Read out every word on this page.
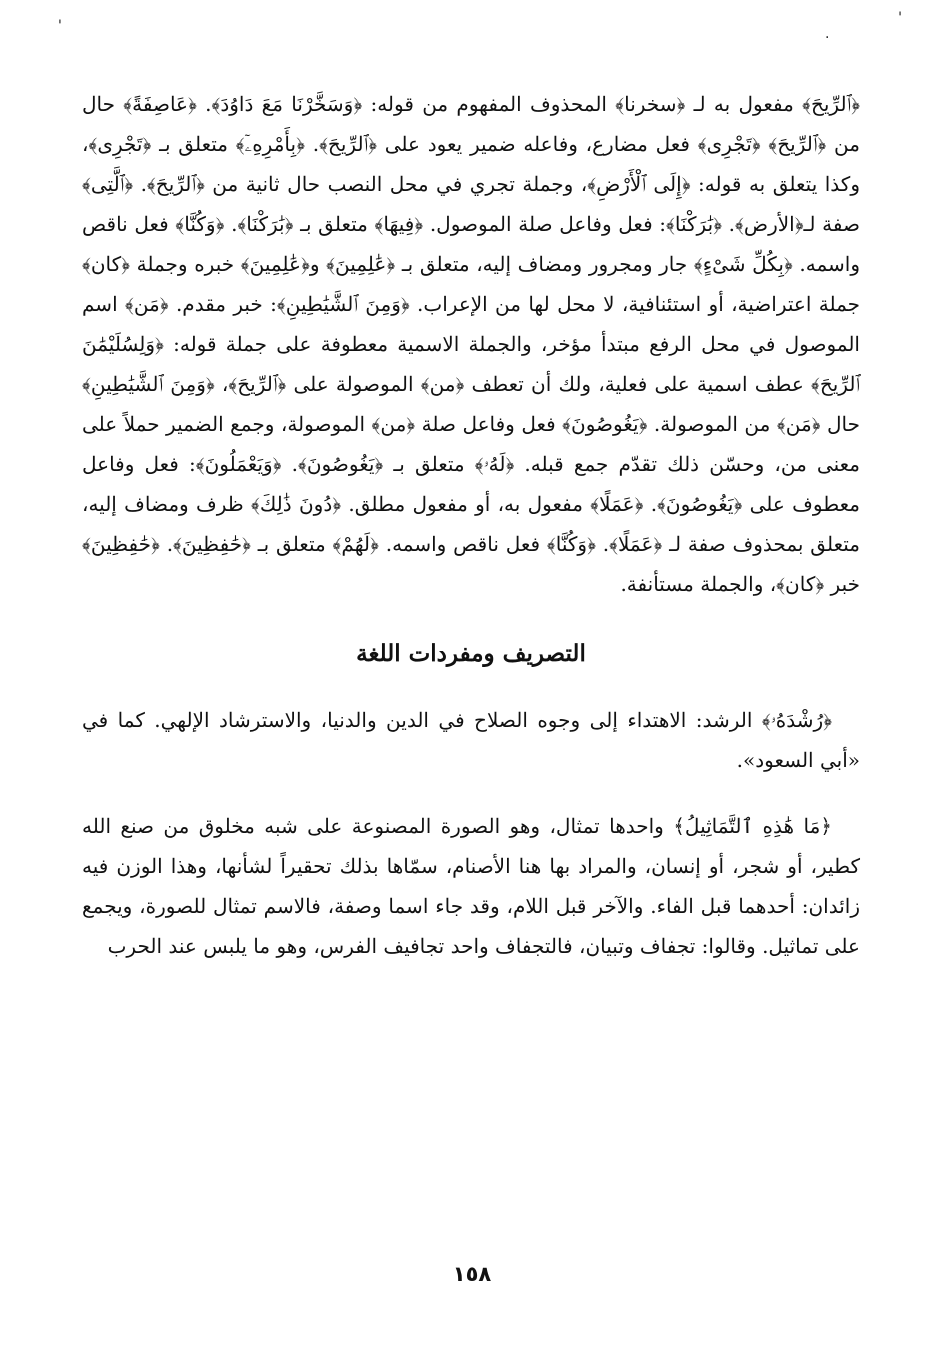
'	'
.

﴿ٱلرِّيحَ﴾ مفعول به لـ ﴿سخرنا﴾ المحذوف المفهوم من قوله: ﴿وَسَخَّرْنَا مَعَ دَاوُدَ﴾. ﴿عَاصِفَةً﴾ حال من ﴿ٱلرِّيحَ﴾ ﴿تَجْرِى﴾ فعل مضارع، وفاعله ضمير يعود على ﴿ٱلرِّيحَ﴾. ﴿بِأَمْرِهِۦٓ﴾ متعلق بـ ﴿تَجْرِى﴾، وكذا يتعلق به قوله: ﴿إِلَى ٱلْأَرْضِ﴾، وجملة تجري في محل النصب حال ثانية من ﴿ٱلرِّيحَ﴾. ﴿ٱلَّتِى﴾ صفة لـ﴿الأرض﴾. ﴿بَٰرَكْنَا﴾: فعل وفاعل صلة الموصول. ﴿فِيهَا﴾ متعلق بـ ﴿بَٰرَكْنَا﴾. ﴿وَكُنَّا﴾ فعل ناقص واسمه. ﴿بِكُلِّ شَىْءٍ﴾ جار ومجرور ومضاف إليه، متعلق بـ ﴿عَٰلِمِينَ﴾ و﴿عَٰلِمِينَ﴾ خبره وجملة ﴿كان﴾ جملة اعتراضية، أو استئنافية، لا محل لها من الإعراب. ﴿وَمِنَ ٱلشَّيَٰطِينِ﴾: خبر مقدم. ﴿مَن﴾ اسم الموصول في محل الرفع مبتدأ مؤخر، والجملة الاسمية معطوفة على جملة قوله: ﴿وَلِسُلَيْمَٰنَ ٱلرِّيحَ﴾ عطف اسمية على فعلية، ولك أن تعطف ﴿من﴾ الموصولة على ﴿ٱلرِّيحَ﴾، ﴿وَمِنَ ٱلشَّيَٰطِينِ﴾ حال ﴿مَن﴾ من الموصولة. ﴿يَغُوصُونَ﴾ فعل وفاعل صلة ﴿من﴾ الموصولة، وجمع الضمير حملاً على معنى من، وحسّن ذلك تقدّم جمع قبله. ﴿لَهُۥ﴾ متعلق بـ ﴿يَغُوصُونَ﴾. ﴿وَيَعْمَلُونَ﴾: فعل وفاعل معطوف على ﴿يَغُوصُونَ﴾. ﴿عَمَلًا﴾ مفعول به، أو مفعول مطلق. ﴿دُونَ ذَٰلِكَ﴾ ظرف ومضاف إليه، متعلق بمحذوف صفة لـ ﴿عَمَلًا﴾. ﴿وَكُنَّا﴾ فعل ناقص واسمه. ﴿لَهُمْ﴾ متعلق بـ ﴿حَٰفِظِينَ﴾. ﴿حَٰفِظِينَ﴾ خبر ﴿كان﴾، والجملة مستأنفة.

التصريف ومفردات اللغة

﴿رُشْدَهُۥ﴾ الرشد: الاهتداء إلى وجوه الصلاح في الدين والدنيا، والاسترشاد الإلهي. كما في «أبي السعود».

﴿مَا هَٰذِهِ ٱلتَّمَاثِيلُ﴾ واحدها تمثال، وهو الصورة المصنوعة على شبه مخلوق من صنع الله كطير، أو شجر، أو إنسان، والمراد بها هنا الأصنام، سمّاها بذلك تحقيراً لشأنها، وهذا الوزن فيه زائدان: أحدهما قبل الفاء. والآخر قبل اللام، وقد جاء اسما وصفة، فالاسم تمثال للصورة، ويجمع على تماثيل. وقالوا: تجفاف وتبيان، فالتجفاف واحد تجافيف الفرس، وهو ما يلبس عند الحرب

١٥٨
